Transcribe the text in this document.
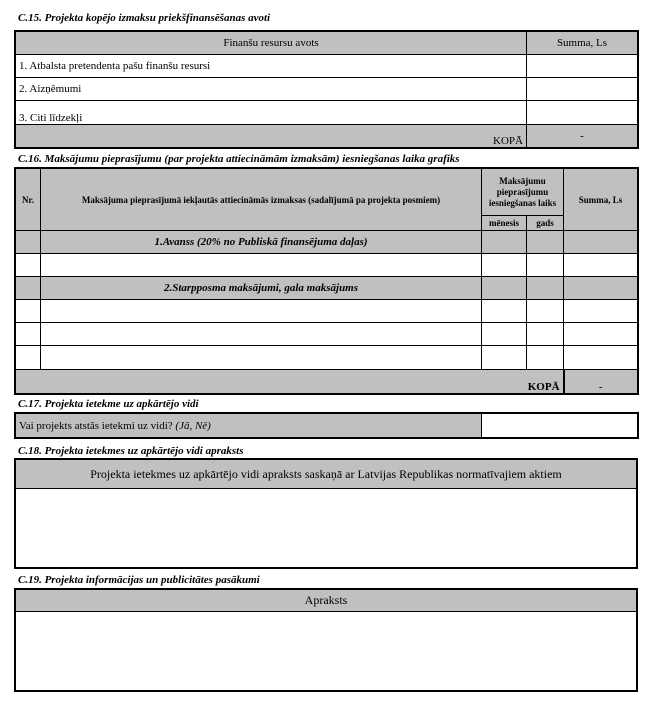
C.15. Projekta kopējo izmaksu priekšfinansēšanas avoti
Finanšu resursu avots	Summa, Ls
1. Atbalsta pretendenta pašu finanšu resursi	
2. Aizņēmumi	
3. Citi līdzekļi	
KOPĀ	-
C.16. Maksājumu pieprasījumu (par projekta attiecināmām izmaksām) iesniegšanas laika grafiks
Nr.	Maksājuma pieprasījumā iekļautās attiecināmās izmaksas (sadalījumā pa projekta posmiem)	Maksājumu pieprasījumu iesniegšanas laiks		Summa, Ls
		mēnesis	gads	
	1.Avanss (20% no Publiskā finansējuma daļas)			

	2.Starpposma maksājumi, gala maksājums			

KOPĀ				-
C.17. Projekta ietekme uz apkārtējo vidi
Vai projekts atstās ietekmi uz vidi? (Jā, Nē)	
C.18. Projekta ietekmes uz apkārtējo vidi apraksts
Projekta ietekmes uz apkārtējo vidi apraksts saskaņā ar Latvijas Republikas normatīvajiem aktiem

C.19. Projekta informācijas un publicitātes pasākumi
Apraksts
